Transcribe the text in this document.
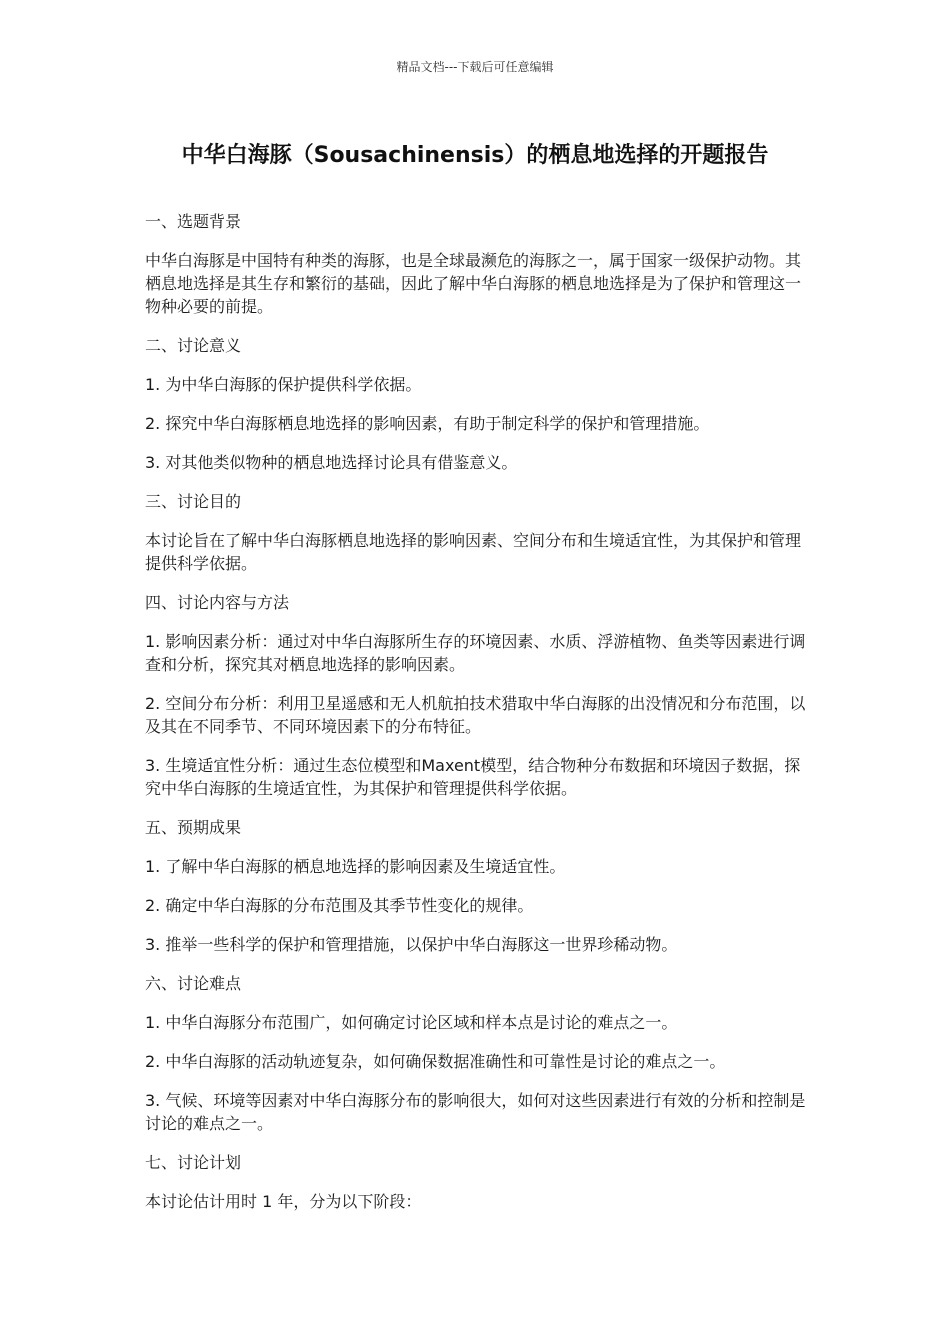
精品文档---下载后可任意编辑
中华白海豚（Sousachinensis）的栖息地选择的开题报告

一、选题背景

中华白海豚是中国特有种类的海豚，也是全球最濒危的海豚之一，属于国家一级保护动物。其栖息地选择是其生存和繁衍的基础，因此了解中华白海豚的栖息地选择是为了保护和管理这一物种必要的前提。

二、讨论意义

1. 为中华白海豚的保护提供科学依据。

2. 探究中华白海豚栖息地选择的影响因素，有助于制定科学的保护和管理措施。

3. 对其他类似物种的栖息地选择讨论具有借鉴意义。

三、讨论目的

本讨论旨在了解中华白海豚栖息地选择的影响因素、空间分布和生境适宜性，为其保护和管理提供科学依据。

四、讨论内容与方法

1. 影响因素分析：通过对中华白海豚所生存的环境因素、水质、浮游植物、鱼类等因素进行调查和分析，探究其对栖息地选择的影响因素。

2. 空间分布分析：利用卫星遥感和无人机航拍技术猎取中华白海豚的出没情况和分布范围，以及其在不同季节、不同环境因素下的分布特征。

3. 生境适宜性分析：通过生态位模型和Maxent模型，结合物种分布数据和环境因子数据，探究中华白海豚的生境适宜性，为其保护和管理提供科学依据。

五、预期成果

1. 了解中华白海豚的栖息地选择的影响因素及生境适宜性。

2. 确定中华白海豚的分布范围及其季节性变化的规律。

3. 推举一些科学的保护和管理措施，以保护中华白海豚这一世界珍稀动物。

六、讨论难点

1. 中华白海豚分布范围广，如何确定讨论区域和样本点是讨论的难点之一。

2. 中华白海豚的活动轨迹复杂，如何确保数据准确性和可靠性是讨论的难点之一。

3. 气候、环境等因素对中华白海豚分布的影响很大，如何对这些因素进行有效的分析和控制是讨论的难点之一。

七、讨论计划

本讨论估计用时 1 年，分为以下阶段：
